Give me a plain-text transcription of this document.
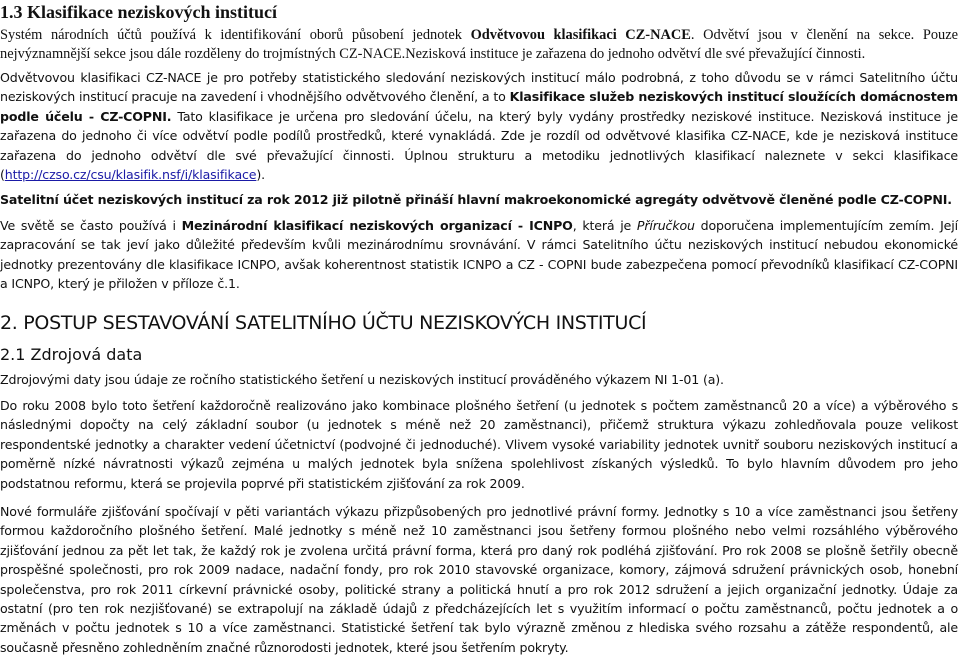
1.3 Klasifikace neziskových institucí

Systém národních účtů používá k identifikování oborů působení jednotek Odvětvovou klasifikaci CZ-NACE. Odvětví jsou v členění na sekce. Pouze nejvýznamnější sekce jsou dále rozděleny do trojmístných CZ-NACE.Nezisková instituce je zařazena do jednoho odvětví dle své převažující činnosti.

Odvětvovou klasifikaci CZ-NACE je pro potřeby statistického sledování neziskových institucí málo podrobná, z toho důvodu se v rámci Satelitního účtu neziskových institucí pracuje na zavedení i vhodnějšího odvětvového členění, a to Klasifikace služeb neziskových institucí sloužících domácnostem podle účelu - CZ-COPNI. Tato klasifikace je určena pro sledování účelu, na který byly vydány prostředky neziskové instituce. Nezisková instituce je zařazena do jednoho či více odvětví podle podílů prostředků, které vynakládá. Zde je rozdíl od odvětvové klasifika CZ-NACE, kde je nezisková instituce zařazena do jednoho odvětví dle své převažující činnosti. Úplnou strukturu a metodiku jednotlivých klasifikací naleznete v sekci klasifikace (http://czso.cz/csu/klasifik.nsf/i/klasifikace).

Satelitní účet neziskových institucí za rok 2012 již pilotně přináší hlavní makroekonomické agregáty odvětvově členěné podle CZ-COPNI.

Ve světě se často používá i Mezinárodní klasifikací neziskových organizací - ICNPO, která je Příručkou doporučena implementujícím zemím. Její zapracování se tak jeví jako důležité především kvůli mezinárodnímu srovnávání. V rámci Satelitního účtu neziskových institucí nebudou ekonomické jednotky prezentovány dle klasifikace ICNPO, avšak koherentnost statistik ICNPO a CZ - COPNI bude zabezpečena pomocí převodníků klasifikací CZ-COPNI a ICNPO, který je přiložen v příloze č.1.

2. POSTUP SESTAVOVÁNÍ SATELITNÍHO ÚČTU NEZISKOVÝCH INSTITUCÍ
2.1 Zdrojová data

Zdrojovými daty jsou údaje ze ročního statistického šetření u neziskových institucí prováděného výkazem NI 1-01 (a).

Do roku 2008 bylo toto šetření každoročně realizováno jako kombinace plošného šetření (u jednotek s počtem zaměstnanců 20 a více) a výběrového s následnými dopočty na celý základní soubor (u jednotek s méně než 20 zaměstnanci), přičemž struktura výkazu zohledňovala pouze velikost respondentské jednotky a charakter vedení účetnictví (podvojné či jednoduché). Vlivem vysoké variability jednotek uvnitř souboru neziskových institucí a poměrně nízké návratnosti výkazů zejména u malých jednotek byla snížena spolehlivost získaných výsledků. To bylo hlavním důvodem pro jeho podstatnou reformu, která se projevila poprvé při statistickém zjišťování za rok 2009.

Nové formuláře zjišťování spočívají v pěti variantách výkazu přizpůsobených pro jednotlivé právní formy. Jednotky s 10 a více zaměstnanci jsou šetřeny formou každoročního plošného šetření. Malé jednotky s méně než 10 zaměstnanci jsou šetřeny formou plošného nebo velmi rozsáhlého výběrového zjišťování jednou za pět let tak, že každý rok je zvolena určitá právní forma, která pro daný rok podléhá zjišťování. Pro rok 2008 se plošně šetřily obecně prospěšné společnosti, pro rok 2009 nadace, nadační fondy, pro rok 2010 stavovské organizace, komory, zájmová sdružení právnických osob, honební společenstva, pro rok 2011 církevní právnické osoby, politické strany a politická hnutí a pro rok 2012 sdružení a jejich organizační jednotky. Údaje za ostatní (pro ten rok nezjišťované) se extrapolují na základě údajů z předcházejících let s využitím informací o počtu zaměstnanců, počtu jednotek a o změnách v počtu jednotek s 10 a více zaměstnanci. Statistické šetření tak bylo výrazně změnou z hlediska svého rozsahu a zátěže respondentů, ale současně přesněno zohledněním značné různorodosti jednotek, které jsou šetřením pokryty.
